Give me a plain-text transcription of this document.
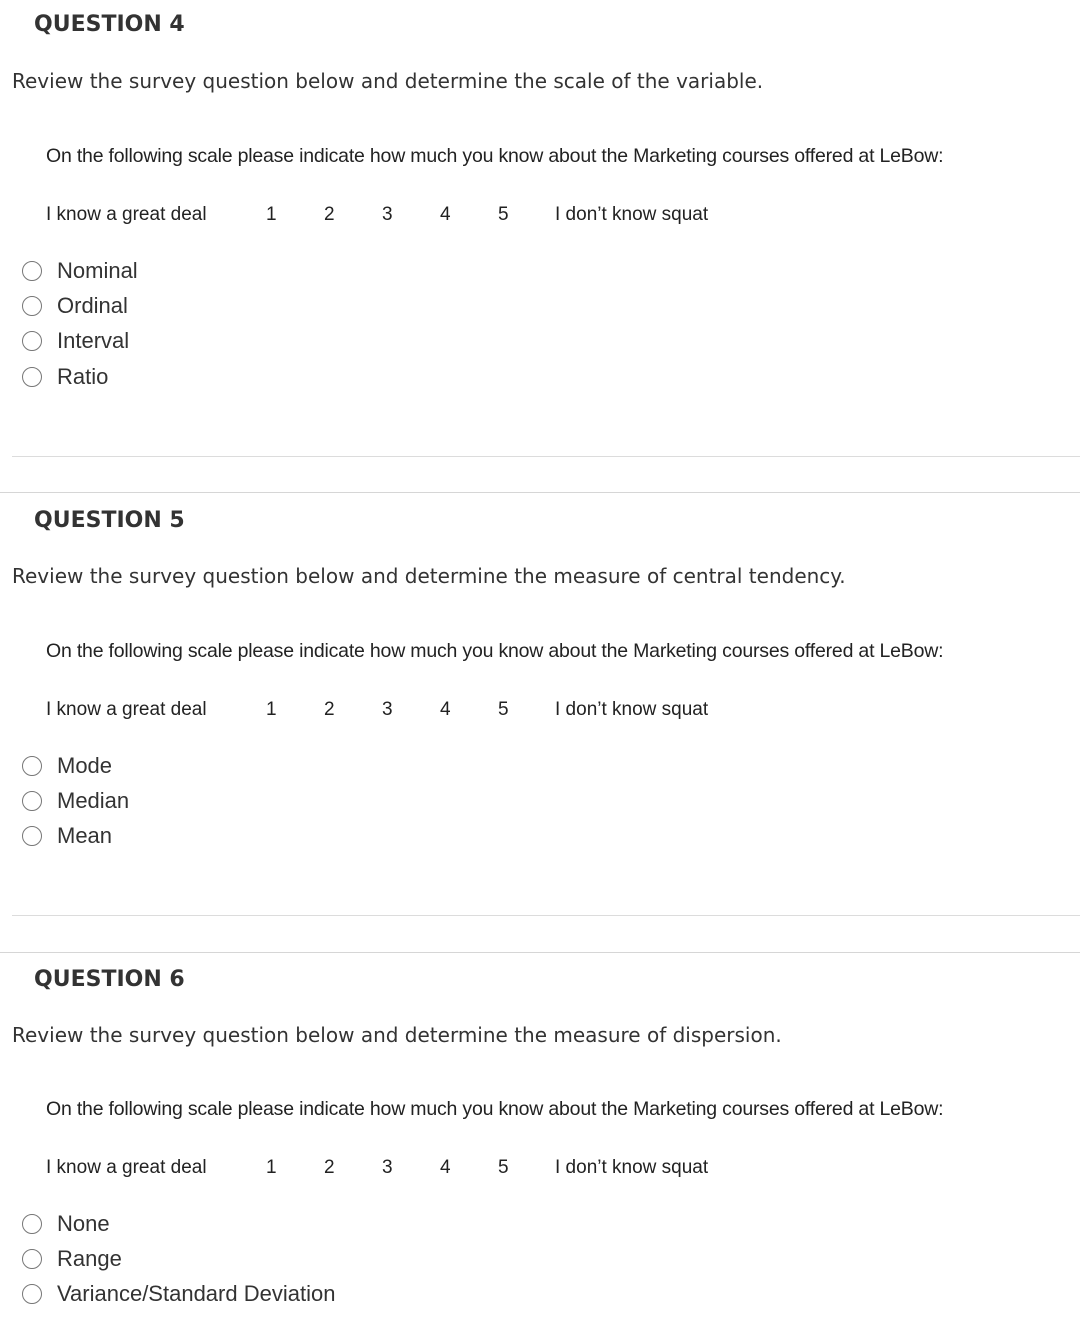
QUESTION 4
Review the survey question below and determine the scale of the variable.
On the following scale please indicate how much you know about the Marketing courses offered at LeBow:
I know a great deal	1 2 3 4 5 I don’t know squat
Nominal
Ordinal
Interval
Ratio
QUESTION 5
Review the survey question below and determine the measure of central tendency.
On the following scale please indicate how much you know about the Marketing courses offered at LeBow:
I know a great deal	1 2 3 4 5 I don’t know squat
Mode
Median
Mean
QUESTION 6
Review the survey question below and determine the measure of dispersion.
On the following scale please indicate how much you know about the Marketing courses offered at LeBow:
I know a great deal	1 2 3 4 5 I don’t know squat
None
Range
Variance/Standard Deviation
